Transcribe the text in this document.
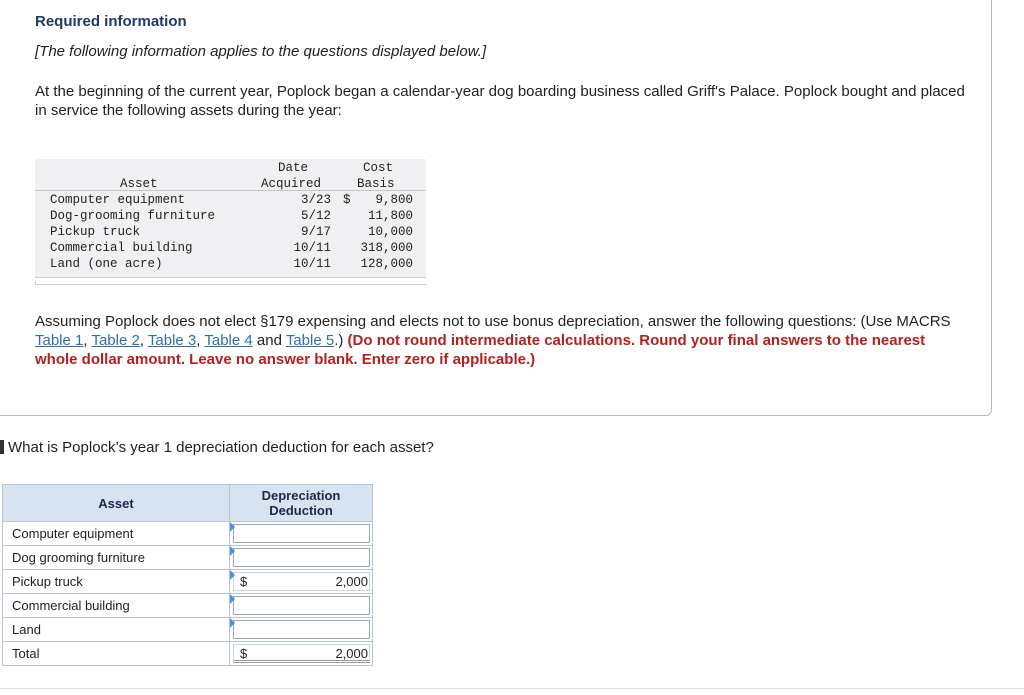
Required information
[The following information applies to the questions displayed below.]
At the beginning of the current year, Poplock began a calendar-year dog boarding business called Griff's Palace. Poplock bought and placed in service the following assets during the year:
Date	Cost
Asset	Acquired	Basis
Computer equipment	3/23 $	9,800
Dog-grooming furniture	5/12	11,800
Pickup truck	9/17	10,000
Commercial building	10/11	318,000
Land (one acre)	10/11	128,000
Assuming Poplock does not elect §179 expensing and elects not to use bonus depreciation, answer the following questions: (Use MACRS Table 1, Table 2, Table 3, Table 4 and Table 5.) (Do not round intermediate calculations. Round your final answers to the nearest whole dollar amount. Leave no answer blank. Enter zero if applicable.)
What is Poplock’s year 1 depreciation deduction for each asset?
Asset	Depreciation
Deduction
Computer equipment	

Dog grooming furniture	

Pickup truck	$ 2,000

Commercial building	

Land	

Total	$ 2,000
